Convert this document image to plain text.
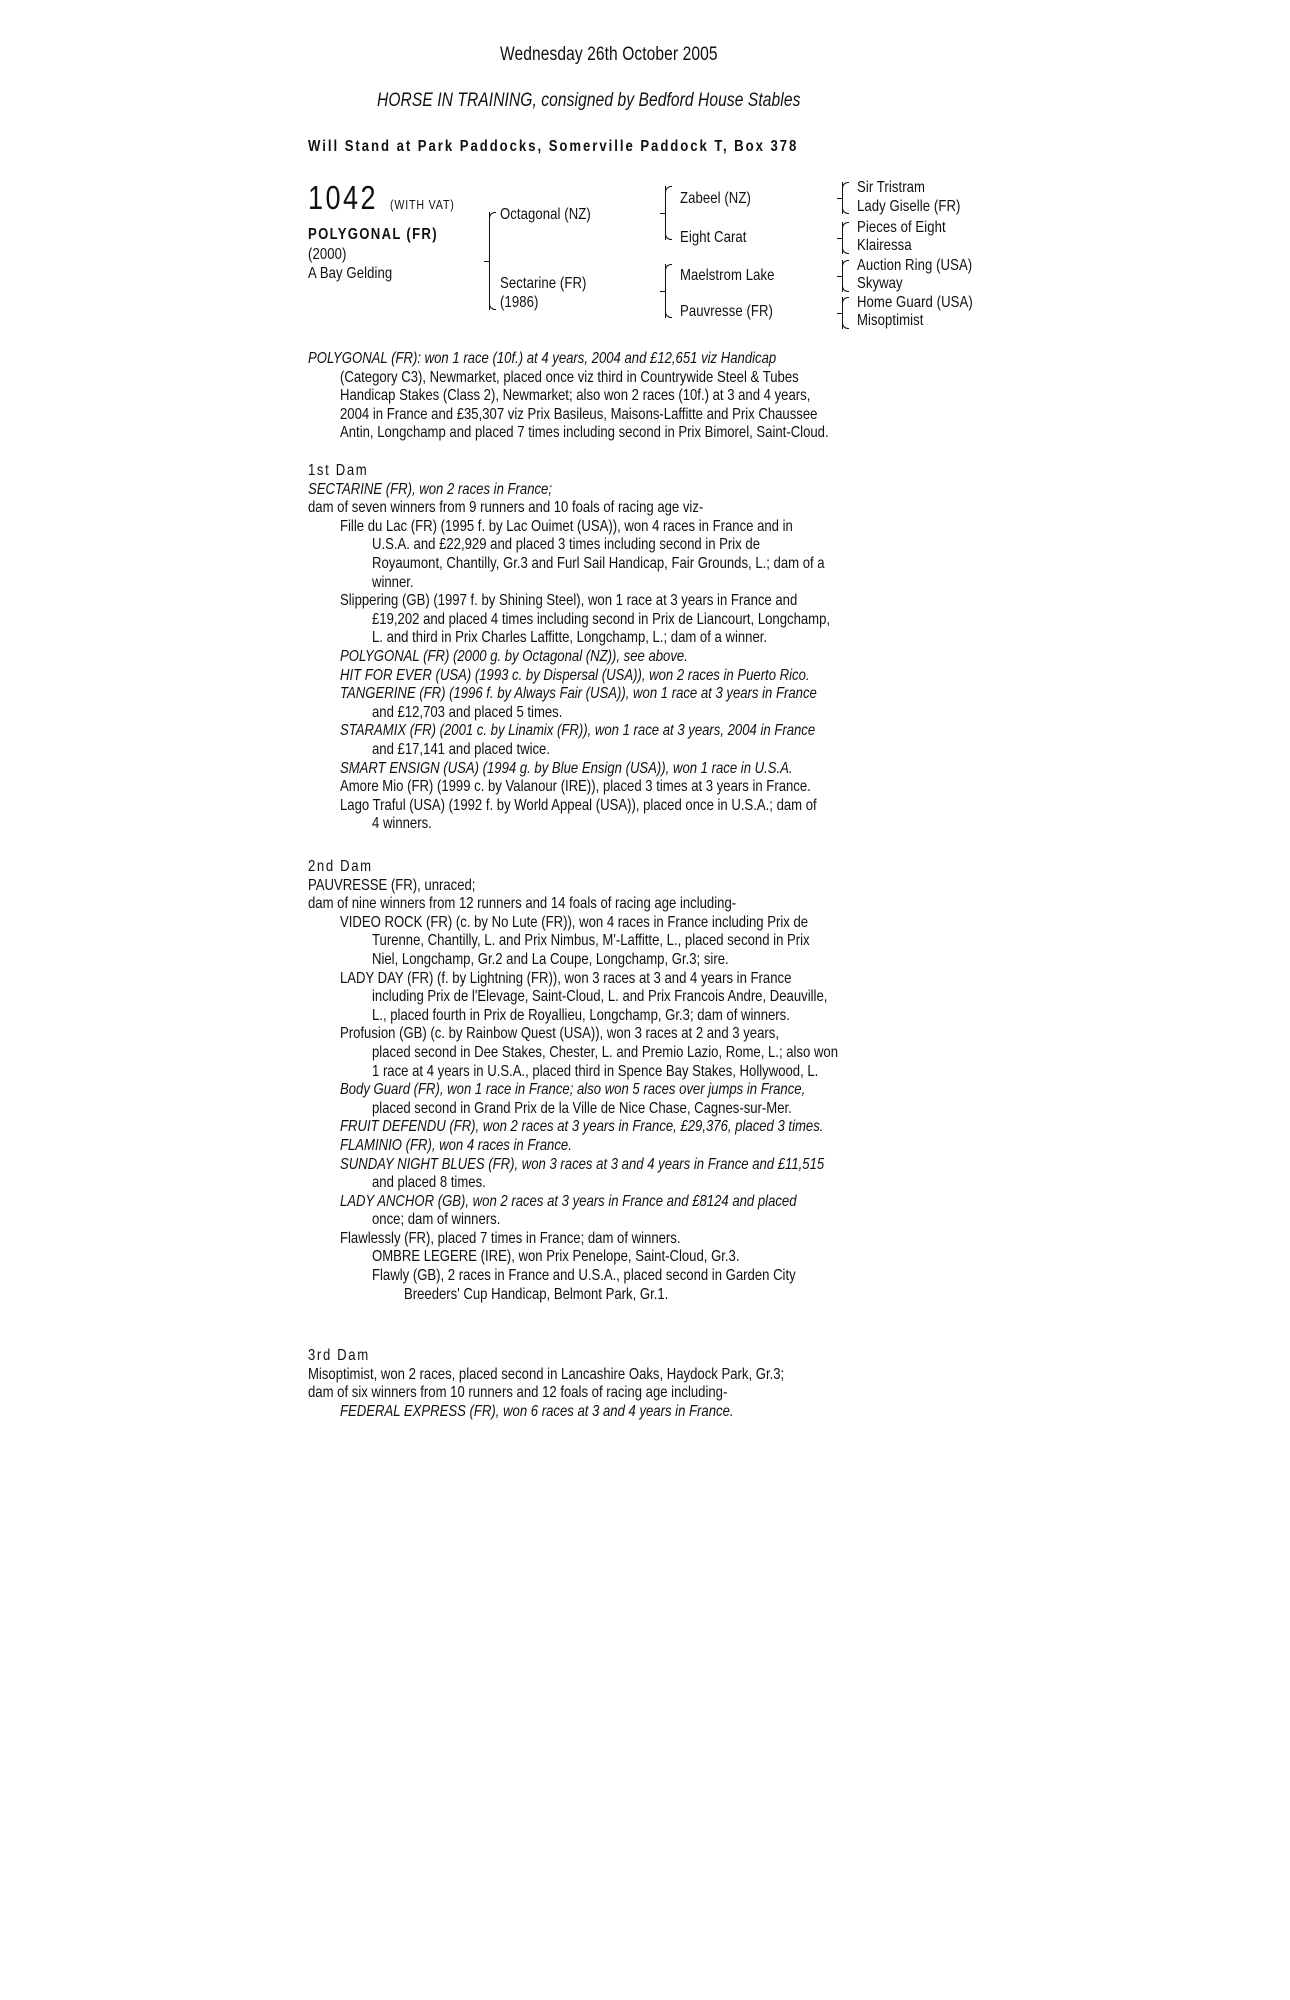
Wednesday 26th October 2005
HORSE IN TRAINING, consigned by Bedford House Stables
Will Stand at Park Paddocks, Somerville Paddock T, Box 378
1042 (WITH VAT)
POLYGONAL (FR)
(2000)
A Bay Gelding
Octagonal (NZ)
Sectarine (FR)
(1986)
Zabeel (NZ)
Eight Carat
Maelstrom Lake
Pauvresse (FR)
Sir Tristram
Lady Giselle (FR)
Pieces of Eight
Klairessa
Auction Ring (USA)
Skyway
Home Guard (USA)
Misoptimist
POLYGONAL (FR): won 1 race (10f.) at 4 years, 2004 and £12,651 viz Handicap
(Category C3), Newmarket, placed once viz third in Countrywide Steel & Tubes
Handicap Stakes (Class 2), Newmarket; also won 2 races (10f.) at 3 and 4 years,
2004 in France and £35,307 viz Prix Basileus, Maisons-Laffitte and Prix Chaussee
Antin, Longchamp and placed 7 times including second in Prix Bimorel, Saint-Cloud.
1st Dam
SECTARINE (FR), won 2 races in France;
dam of seven winners from 9 runners and 10 foals of racing age viz-
Fille du Lac (FR) (1995 f. by Lac Ouimet (USA)), won 4 races in France and in
U.S.A. and £22,929 and placed 3 times including second in Prix de
Royaumont, Chantilly, Gr.3 and Furl Sail Handicap, Fair Grounds, L.; dam of a
winner.
Slippering (GB) (1997 f. by Shining Steel), won 1 race at 3 years in France and
£19,202 and placed 4 times including second in Prix de Liancourt, Longchamp,
L. and third in Prix Charles Laffitte, Longchamp, L.; dam of a winner.
POLYGONAL (FR) (2000 g. by Octagonal (NZ)), see above.
HIT FOR EVER (USA) (1993 c. by Dispersal (USA)), won 2 races in Puerto Rico.
TANGERINE (FR) (1996 f. by Always Fair (USA)), won 1 race at 3 years in France
and £12,703 and placed 5 times.
STARAMIX (FR) (2001 c. by Linamix (FR)), won 1 race at 3 years, 2004 in France
and £17,141 and placed twice.
SMART ENSIGN (USA) (1994 g. by Blue Ensign (USA)), won 1 race in U.S.A.
Amore Mio (FR) (1999 c. by Valanour (IRE)), placed 3 times at 3 years in France.
Lago Traful (USA) (1992 f. by World Appeal (USA)), placed once in U.S.A.; dam of
4 winners.
2nd Dam
PAUVRESSE (FR), unraced;
dam of nine winners from 12 runners and 14 foals of racing age including-
VIDEO ROCK (FR) (c. by No Lute (FR)), won 4 races in France including Prix de
Turenne, Chantilly, L. and Prix Nimbus, M'-Laffitte, L., placed second in Prix
Niel, Longchamp, Gr.2 and La Coupe, Longchamp, Gr.3; sire.
LADY DAY (FR) (f. by Lightning (FR)), won 3 races at 3 and 4 years in France
including Prix de l'Elevage, Saint-Cloud, L. and Prix Francois Andre, Deauville,
L., placed fourth in Prix de Royallieu, Longchamp, Gr.3; dam of winners.
Profusion (GB) (c. by Rainbow Quest (USA)), won 3 races at 2 and 3 years,
placed second in Dee Stakes, Chester, L. and Premio Lazio, Rome, L.; also won
1 race at 4 years in U.S.A., placed third in Spence Bay Stakes, Hollywood, L.
Body Guard (FR), won 1 race in France; also won 5 races over jumps in France,
placed second in Grand Prix de la Ville de Nice Chase, Cagnes-sur-Mer.
FRUIT DEFENDU (FR), won 2 races at 3 years in France, £29,376, placed 3 times.
FLAMINIO (FR), won 4 races in France.
SUNDAY NIGHT BLUES (FR), won 3 races at 3 and 4 years in France and £11,515
and placed 8 times.
LADY ANCHOR (GB), won 2 races at 3 years in France and £8124 and placed
once; dam of winners.
Flawlessly (FR), placed 7 times in France; dam of winners.
OMBRE LEGERE (IRE), won Prix Penelope, Saint-Cloud, Gr.3.
Flawly (GB), 2 races in France and U.S.A., placed second in Garden City
Breeders' Cup Handicap, Belmont Park, Gr.1.
3rd Dam
Misoptimist, won 2 races, placed second in Lancashire Oaks, Haydock Park, Gr.3;
dam of six winners from 10 runners and 12 foals of racing age including-
FEDERAL EXPRESS (FR), won 6 races at 3 and 4 years in France.
